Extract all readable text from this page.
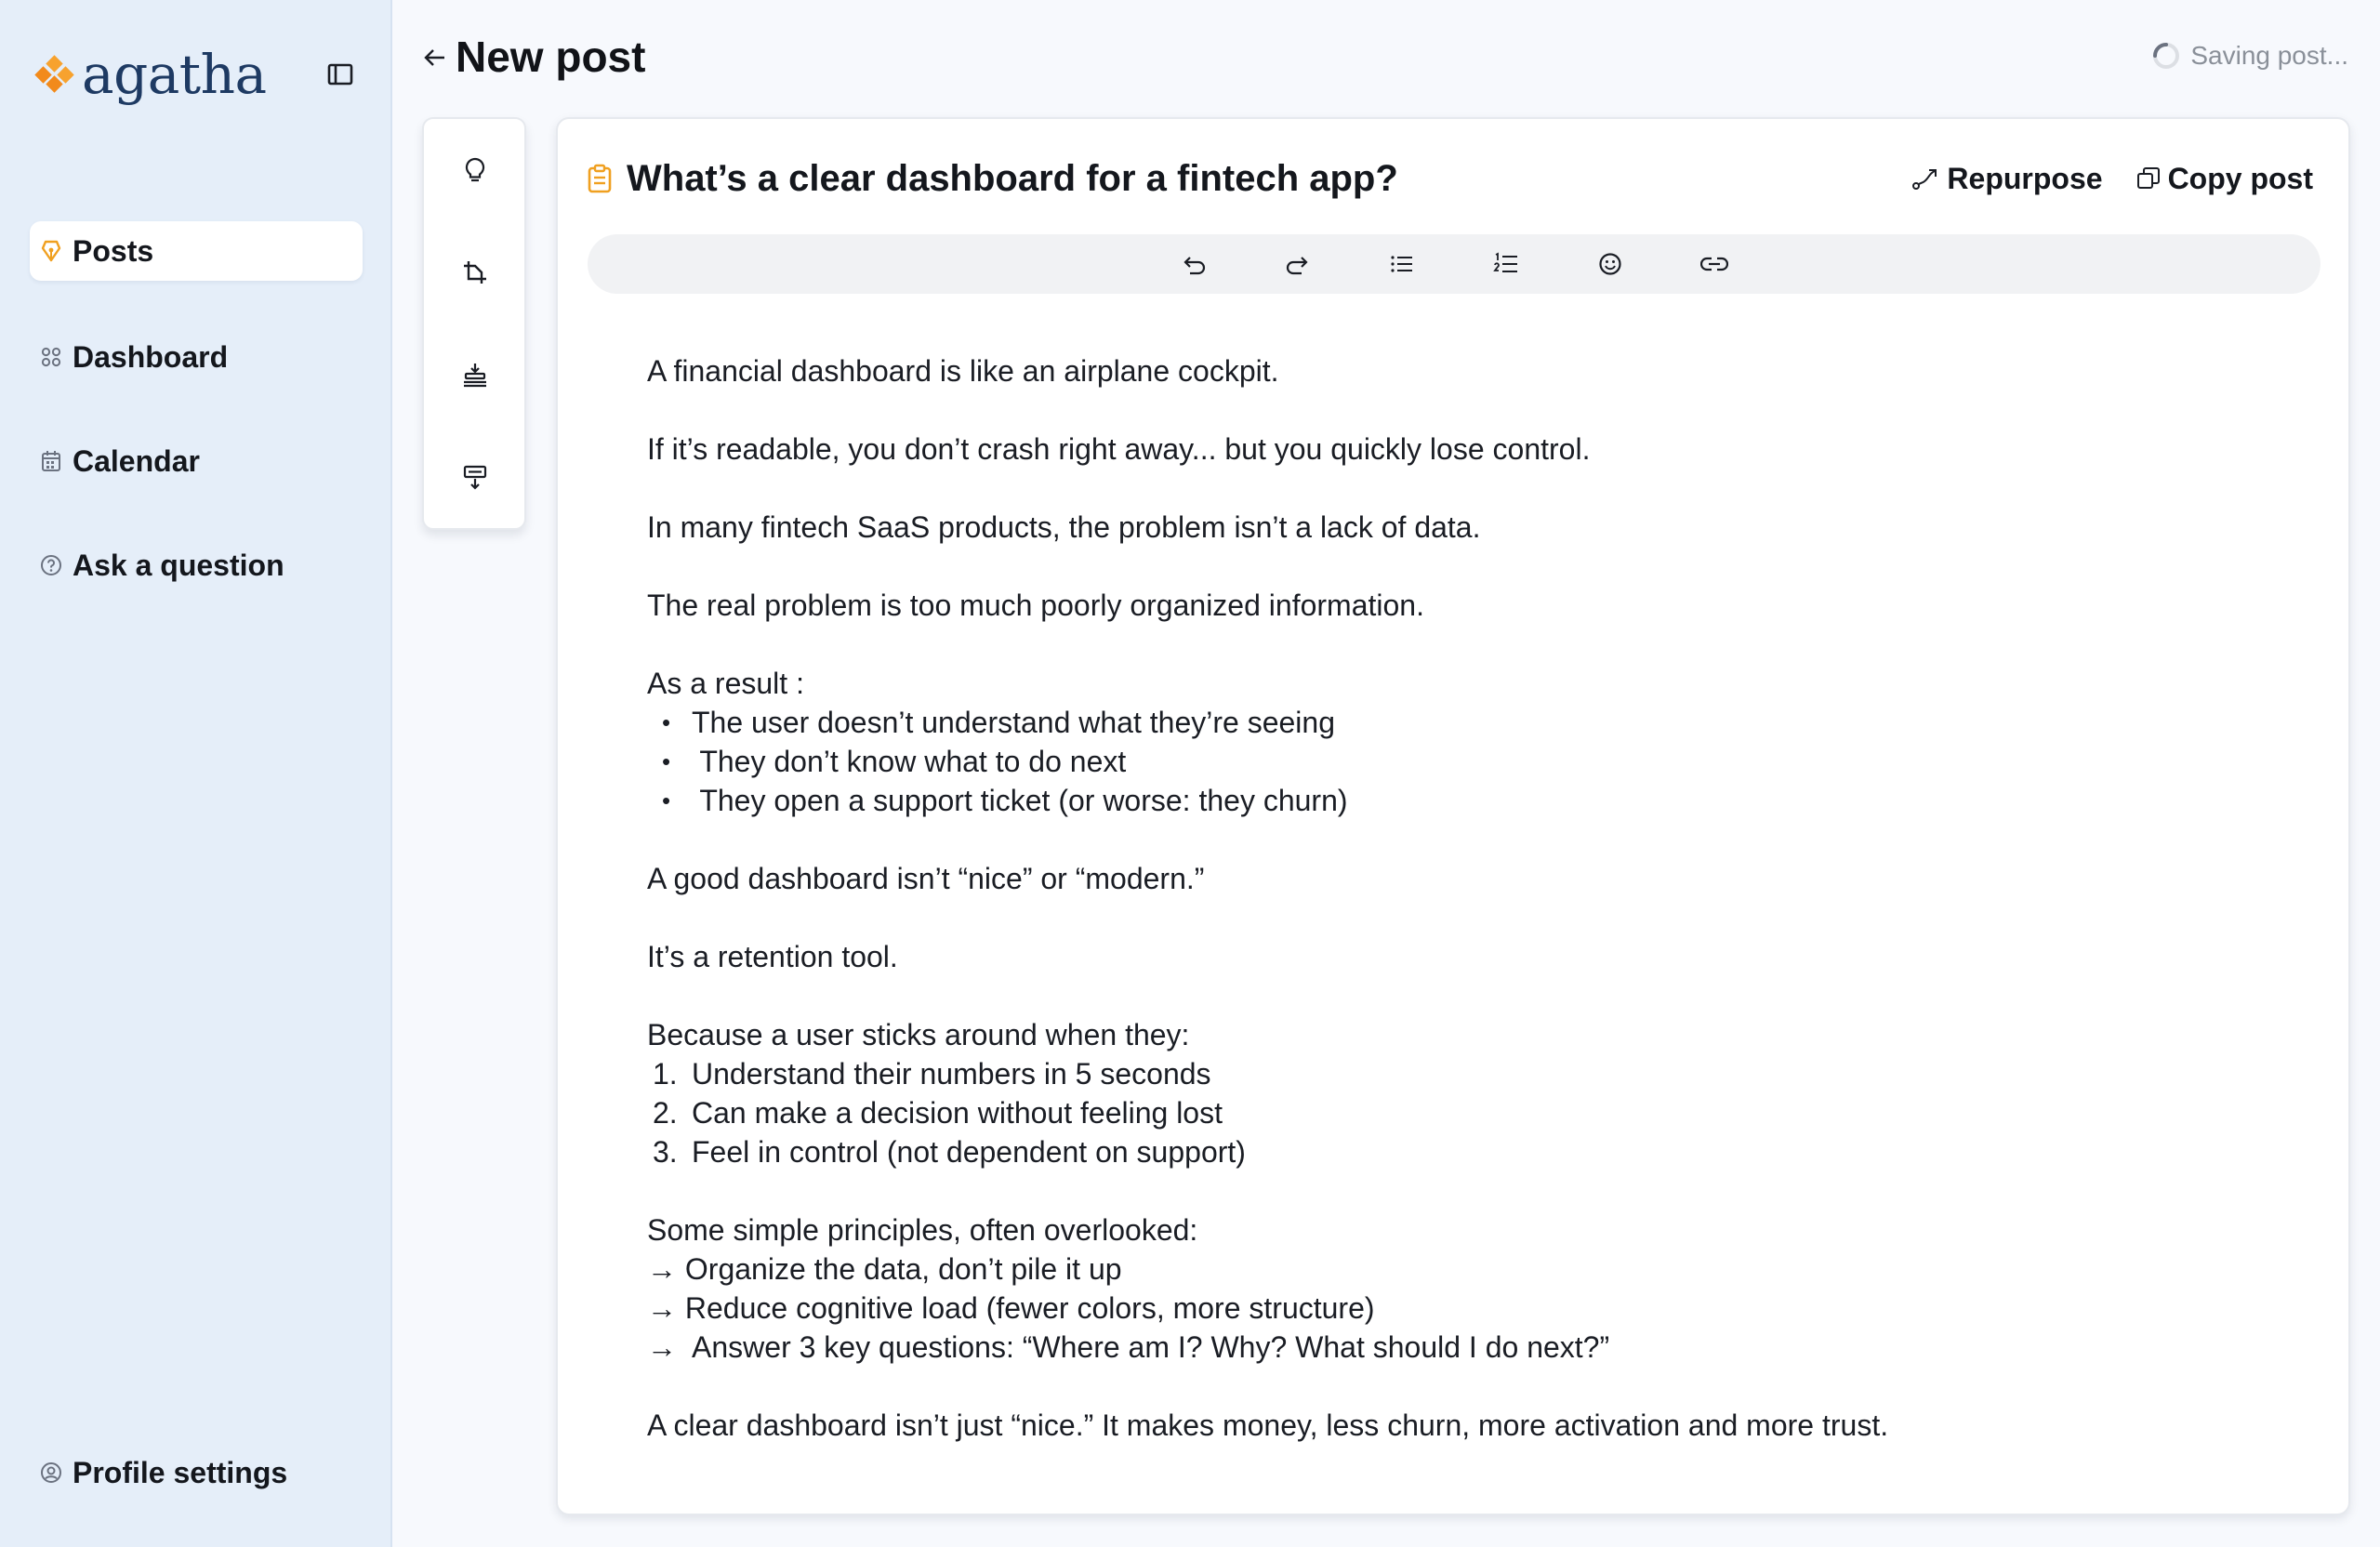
agatha
Posts
Dashboard
Calendar
Ask a question
Profile settings
New post	Saving post...
What’s a clear dashboard for a fintech app?	Repurpose Copy post

A financial dashboard is like an airplane cockpit.

If it’s readable, you don’t crash right away... but you quickly lose control.

In many fintech SaaS products, the problem isn’t a lack of data.

The real problem is too much poorly organized information.

As a result :
• The user doesn’t understand what they’re seeing
•  They don’t know what to do next
•  They open a support ticket (or worse: they churn)

A good dashboard isn’t “nice” or “modern.”

It’s a retention tool.

Because a user sticks around when they:
1. Understand their numbers in 5 seconds
2. Can make a decision without feeling lost
3. Feel in control (not dependent on support)
Some simple principles, often overlooked:
→ Organize the data, don’t pile it up
→ Reduce cognitive load (fewer colors, more structure)
→  Answer 3 key questions: “Where am I? Why? What should I do next?”

A clear dashboard isn’t just “nice.” It makes money, less churn, more activation and more trust.
